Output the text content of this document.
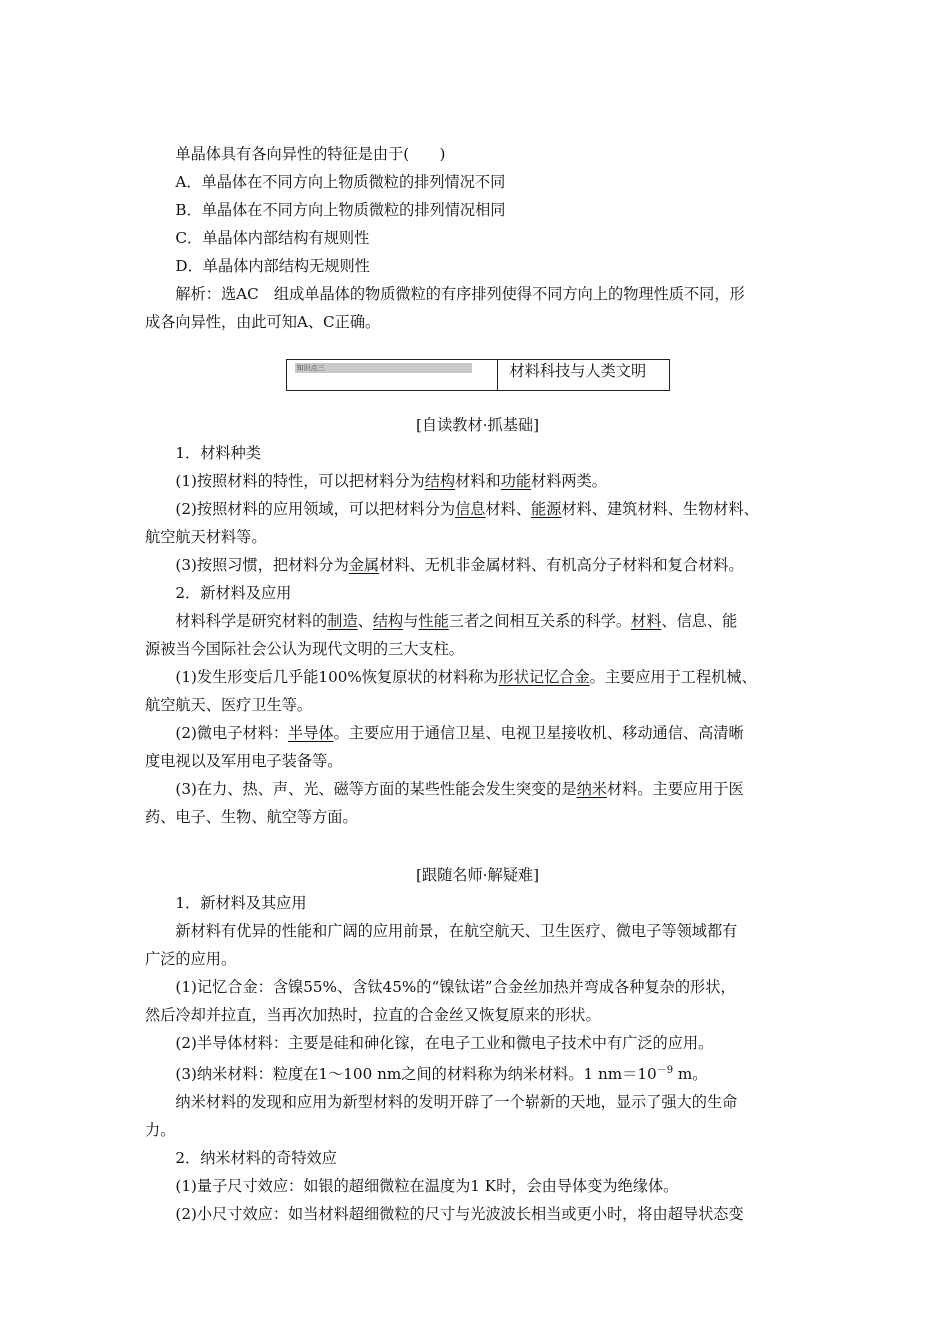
单晶体具有各向异性的特征是由于(　　)

A．单晶体在不同方向上物质微粒的排列情况不同

B．单晶体在不同方向上物质微粒的排列情况相同

C．单晶体内部结构有规则性

D．单晶体内部结构无规则性

解析：选AC　组成单晶体的物质微粒的有序排列使得不同方向上的物理性质不同，形

成各向异性，由此可知A、C正确。

知识点三	材料科技与人类文明

[自读教材·抓基础]

1．材料种类

(1)按照材料的特性，可以把材料分为结构材料和功能材料两类。

(2)按照材料的应用领域，可以把材料分为信息材料、能源材料、建筑材料、生物材料、

航空航天材料等。

(3)按照习惯，把材料分为金属材料、无机非金属材料、有机高分子材料和复合材料。

2．新材料及应用

材料科学是研究材料的制造、结构与性能三者之间相互关系的科学。材料、信息、能

源被当今国际社会公认为现代文明的三大支柱。

(1)发生形变后几乎能100%恢复原状的材料称为形状记忆合金。主要应用于工程机械、

航空航天、医疗卫生等。

(2)微电子材料：半导体。主要应用于通信卫星、电视卫星接收机、移动通信、高清晰

度电视以及军用电子装备等。

(3)在力、热、声、光、磁等方面的某些性能会发生突变的是纳米材料。主要应用于医

药、电子、生物、航空等方面。

[跟随名师·解疑难]

1．新材料及其应用

新材料有优异的性能和广阔的应用前景，在航空航天、卫生医疗、微电子等领域都有

广泛的应用。

(1)记忆合金：含镍55%、含钛45%的“镍钛诺”合金丝加热并弯成各种复杂的形状，

然后冷却并拉直，当再次加热时，拉直的合金丝又恢复原来的形状。

(2)半导体材料：主要是硅和砷化镓，在电子工业和微电子技术中有广泛的应用。

(3)纳米材料：粒度在1～100 nm之间的材料称为纳米材料。1 $nm=10^{-9}$ m。

纳米材料的发现和应用为新型材料的发明开辟了一个崭新的天地，显示了强大的生命

力。

2．纳米材料的奇特效应

(1)量子尺寸效应：如银的超细微粒在温度为1 K时，会由导体变为绝缘体。

(2)小尺寸效应：如当材料超细微粒的尺寸与光波波长相当或更小时，将由超导状态变
